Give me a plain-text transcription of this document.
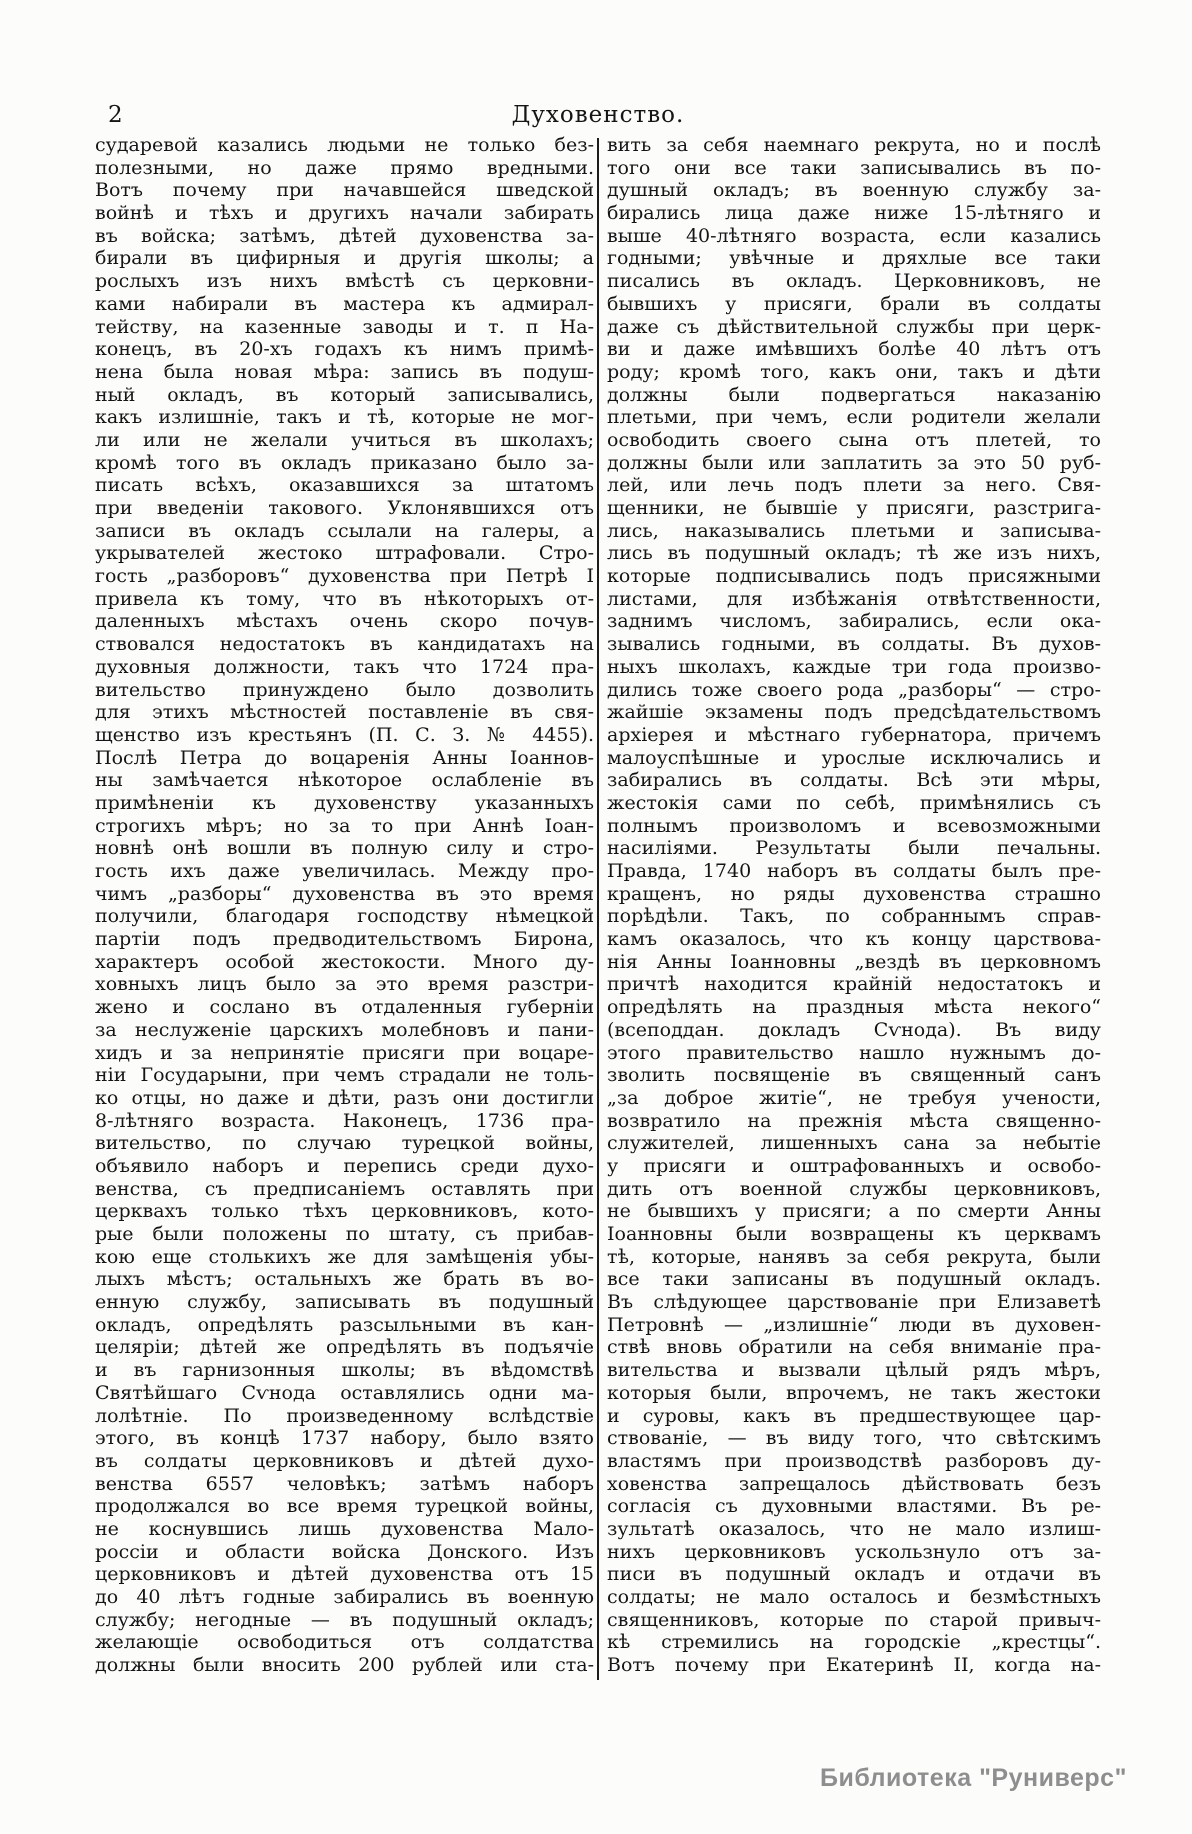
2	Духовенство.
сударевой казались людьми не только без-
полезными, но даже прямо вредными.
Вотъ почему при начавшейся шведской
войнѣ и тѣхъ и другихъ начали забирать
въ войска; затѣмъ, дѣтей духовенства за-
бирали въ цифирныя и другія школы; а
рослыхъ изъ нихъ вмѣстѣ съ церковни-
ками набирали въ мастера къ адмирал-
тейству, на казенные заводы и т. п На-
конецъ, въ 20-хъ годахъ къ нимъ примѣ-
нена была новая мѣра: запись въ подуш-
ный окладъ, въ который записывались,
какъ излишніе, такъ и тѣ, которые не мог-
ли или не желали учиться въ школахъ;
кромѣ того въ окладъ приказано было за-
писать всѣхъ, оказавшихся за штатомъ
при введеніи такового. Уклонявшихся отъ
записи въ окладъ ссылали на галеры, а
укрывателей жестоко штрафовали. Стро-
гость „разборовъ“ духовенства при Петрѣ I
привела къ тому, что въ нѣкоторыхъ от-
даленныхъ мѣстахъ очень скоро почув-
ствовался недостатокъ въ кандидатахъ на
духовныя должности, такъ что 1724 пра-
вительство принуждено было дозволить
для этихъ мѣстностей поставленіе въ свя-
щенство изъ крестьянъ (П. С. З. № 4455).
Послѣ Петра до воцаренія Анны Іоаннов-
ны замѣчается нѣкоторое ослабленіе въ
примѣненіи къ духовенству указанныхъ
строгихъ мѣръ; но за то при Аннѣ Іоан-
новнѣ онѣ вошли въ полную силу и стро-
гость ихъ даже увеличилась. Между про-
чимъ „разборы“ духовенства въ это время
получили, благодаря господству нѣмецкой
партіи подъ предводительствомъ Бирона,
характеръ особой жестокости. Много ду-
ховныхъ лицъ было за это время разстри-
жено и сослано въ отдаленныя губерніи
за неслуженіе царскихъ молебновъ и пани-
хидъ и за непринятіе присяги при воцаре-
ніи Государыни, при чемъ страдали не толь-
ко отцы, но даже и дѣти, разъ они достигли
8-лѣтняго возраста. Наконецъ, 1736 пра-
вительство, по случаю турецкой войны,
объявило наборъ и перепись среди духо-
венства, съ предписаніемъ оставлять при
церквахъ только тѣхъ церковниковъ, кото-
рые были положены по штату, съ прибав-
кою еще столькихъ же для замѣщенія убы-
лыхъ мѣстъ; остальныхъ же брать въ во-
енную службу, записывать въ подушный
окладъ, опредѣлять разсыльными въ кан-
целяріи; дѣтей же опредѣлять въ подъячіе
и въ гарнизонныя школы; въ вѣдомствѣ
Святѣйшаго Сѵнода оставлялись одни ма-
лолѣтніе. По произведенному вслѣдствіе
этого, въ концѣ 1737 набору, было взято
въ солдаты церковниковъ и дѣтей духо-
венства 6557 человѣкъ; затѣмъ наборъ
продолжался во все время турецкой войны,
не коснувшись лишь духовенства Мало-
россіи и области войска Донского. Изъ
церковниковъ и дѣтей духовенства отъ 15
до 40 лѣтъ годные забирались въ военную
службу; негодные — въ подушный окладъ;
желающіе освободиться отъ солдатства
должны были вносить 200 рублей или ста-
вить за себя наемнаго рекрута, но и послѣ
того они все таки записывались въ по-
душный окладъ; въ военную службу за-
бирались лица даже ниже 15-лѣтняго и
выше 40-лѣтняго возраста, если казались
годными; увѣчные и дряхлые все таки
писались въ окладъ. Церковниковъ, не
бывшихъ у присяги, брали въ солдаты
даже съ дѣйствительной службы при церк-
ви и даже имѣвшихъ болѣе 40 лѣтъ отъ
роду; кромѣ того, какъ они, такъ и дѣти
должны были подвергаться наказанію
плетьми, при чемъ, если родители желали
освободить своего сына отъ плетей, то
должны были или заплатить за это 50 руб-
лей, или лечь подъ плети за него. Свя-
щенники, не бывшіе у присяги, разстрига-
лись, наказывались плетьми и записыва-
лись въ подушный окладъ; тѣ же изъ нихъ,
которые подписывались подъ присяжными
листами, для избѣжанія отвѣтственности,
заднимъ числомъ, забирались, если ока-
зывались годными, въ солдаты. Въ духов-
ныхъ школахъ, каждые три года произво-
дились тоже своего рода „разборы“ — стро-
жайшіе экзамены подъ предсѣдательствомъ
архіерея и мѣстнаго губернатора, причемъ
малоуспѣшные и урослые исключались и
забирались въ солдаты. Всѣ эти мѣры,
жестокія сами по себѣ, примѣнялись съ
полнымъ произволомъ и всевозможными
насиліями. Результаты были печальны.
Правда, 1740 наборъ въ солдаты былъ пре-
кращенъ, но ряды духовенства страшно
порѣдѣли. Такъ, по собраннымъ справ-
камъ оказалось, что къ концу царствова-
нія Анны Іоанновны „вездѣ въ церковномъ
причтѣ находится крайній недостатокъ и
опредѣлять на праздныя мѣста некого“
(всеподдан. докладъ Сѵнода). Въ виду
этого правительство нашло нужнымъ до-
зволить посвященіе въ священный санъ
„за доброе житіе“, не требуя учености,
возвратило на прежнія мѣста священно-
служителей, лишенныхъ сана за небытіе
у присяги и оштрафованныхъ и освобо-
дить отъ военной службы церковниковъ,
не бывшихъ у присяги; а по смерти Анны
Іоанновны были возвращены къ церквамъ
тѣ, которые, нанявъ за себя рекрута, были
все таки записаны въ подушный окладъ.
Въ слѣдующее царствованіе при Елизаветѣ
Петровнѣ — „излишніе“ люди въ духовен-
ствѣ вновь обратили на себя вниманіе пра-
вительства и вызвали цѣлый рядъ мѣръ,
которыя были, впрочемъ, не такъ жестоки
и суровы, какъ въ предшествующее цар-
ствованіе, — въ виду того, что свѣтскимъ
властямъ при производствѣ разборовъ ду-
ховенства запрещалось дѣйствовать безъ
согласія съ духовными властями. Въ ре-
зультатѣ оказалось, что не мало излиш-
нихъ церковниковъ ускользнуло отъ за-
писи въ подушный окладъ и отдачи въ
солдаты; не мало осталось и безмѣстныхъ
священниковъ, которые по старой привыч-
кѣ стремились на городскіе „крестцы“.
Вотъ почему при Екатеринѣ II, когда на-
Библиотека "Руниверс"
